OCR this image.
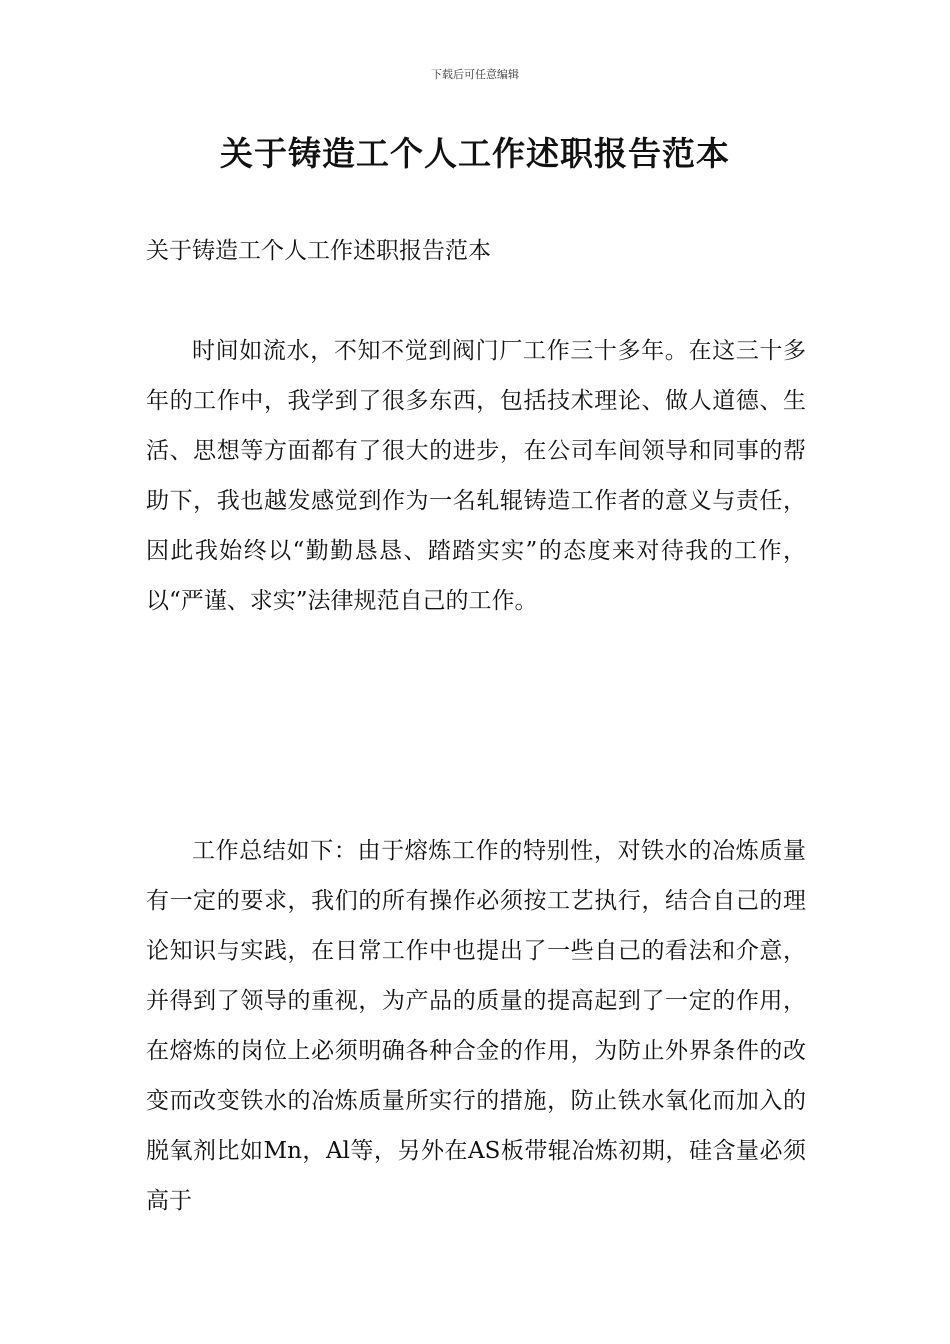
下载后可任意编辑
关于铸造工个人工作述职报告范本

关于铸造工个人工作述职报告范本

时间如流水，不知不觉到阀门厂工作三十多年。在这三十多年的工作中，我学到了很多东西，包括技术理论、做人道德、生活、思想等方面都有了很大的进步，在公司车间领导和同事的帮助下，我也越发感觉到作为一名轧辊铸造工作者的意义与责任，因此我始终以“勤勤恳恳、踏踏实实”的态度来对待我的工作，以“严谨、求实”法律规范自己的工作。

工作总结如下：由于熔炼工作的特别性，对铁水的冶炼质量有一定的要求，我们的所有操作必须按工艺执行，结合自己的理论知识与实践，在日常工作中也提出了一些自己的看法和介意，并得到了领导的重视，为产品的质量的提高起到了一定的作用，在熔炼的岗位上必须明确各种合金的作用，为防止外界条件的改变而改变铁水的冶炼质量所实行的措施，防止铁水氧化而加入的脱氧剂比如Mn，Al等，另外在AS板带辊冶炼初期，硅含量必须高于
